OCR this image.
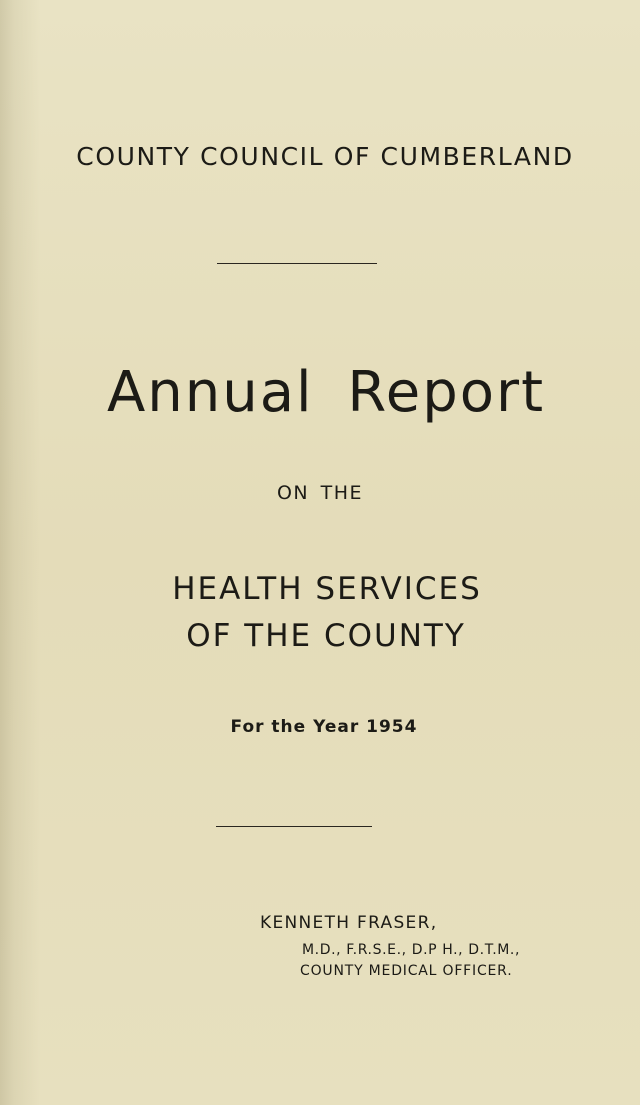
COUNTY COUNCIL OF CUMBERLAND
Annual Report
ON THE
HEALTH SERVICES
OF THE COUNTY
For the Year 1954
KENNETH FRASER,
M.D., F.R.S.E., D.P H., D.T.M.,
COUNTY MEDICAL OFFICER.
